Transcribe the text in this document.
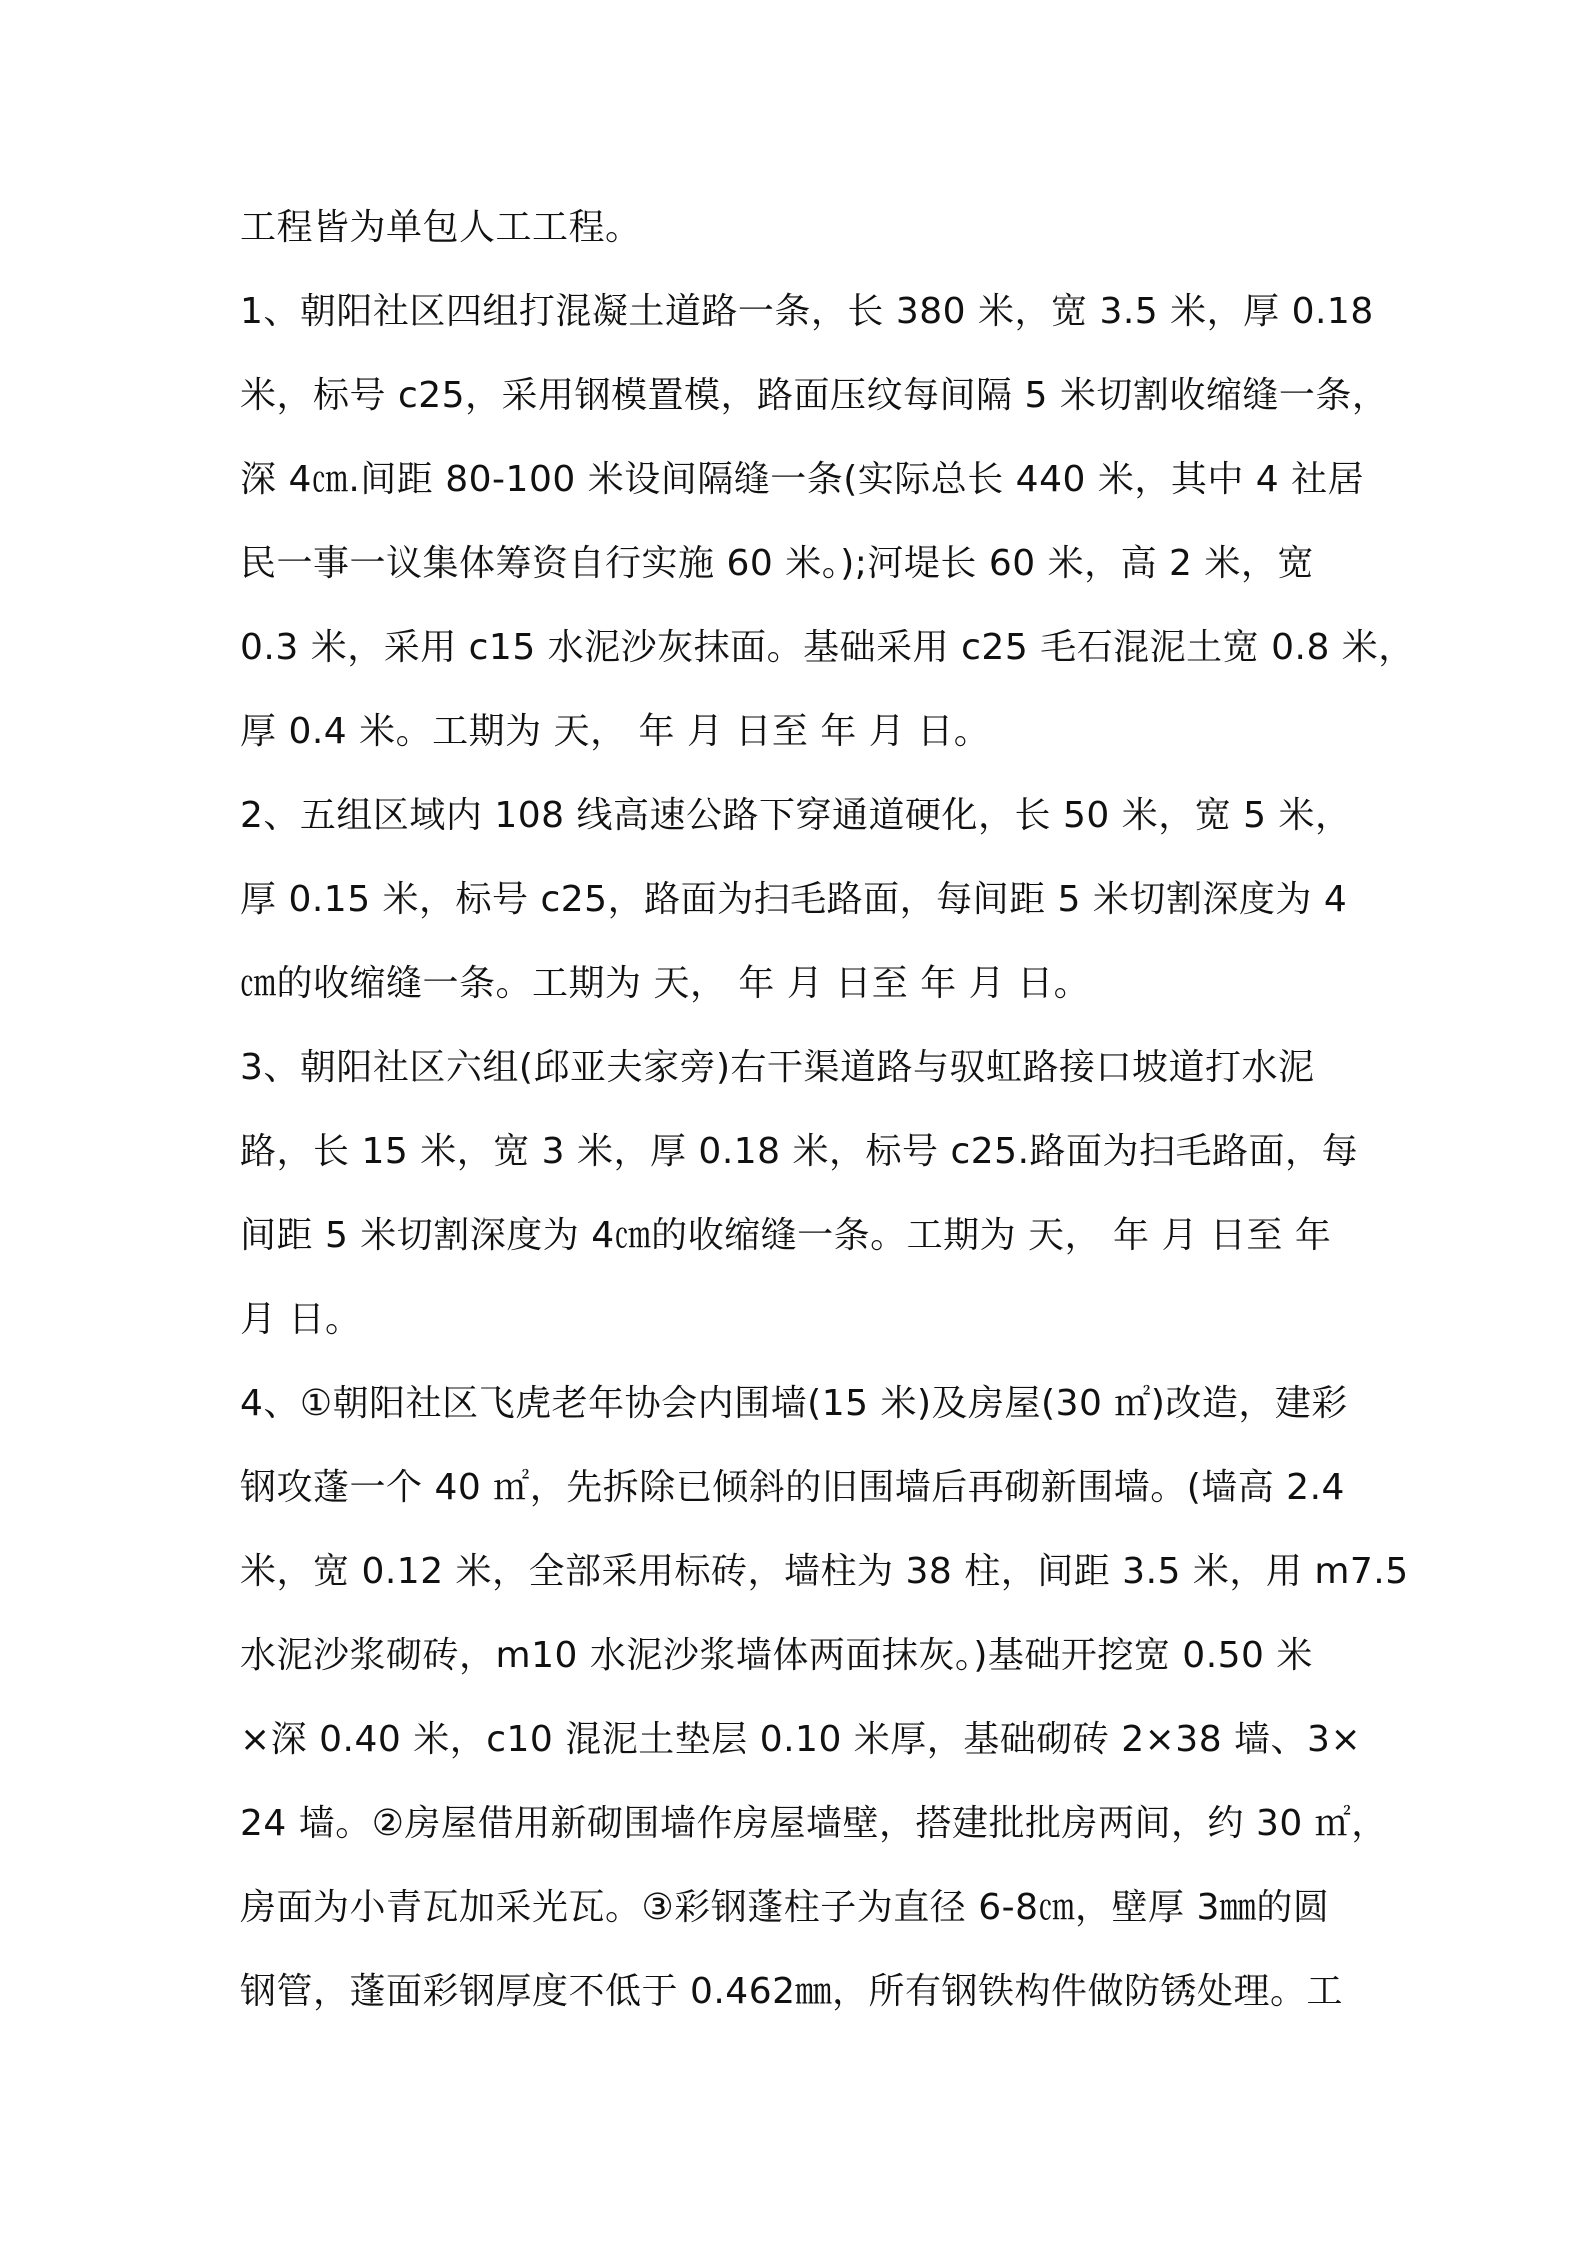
工程皆为单包人工工程。
1、朝阳社区四组打混凝土道路一条，长 380 米，宽 3.5 米，厚 0.18
米，标号 c25，采用钢模置模，路面压纹每间隔 5 米切割收缩缝一条，
深 4㎝.间距 80-100 米设间隔缝一条(实际总长 440 米，其中 4 社居
民一事一议集体筹资自行实施 60 米。);河堤长 60 米，高 2 米，宽
0.3 米，采用 c15 水泥沙灰抹面。基础采用 c25 毛石混泥土宽 0.8 米，
厚 0.4 米。工期为 天， 年 月 日至 年 月 日。
2、五组区域内 108 线高速公路下穿通道硬化，长 50 米，宽 5 米，
厚 0.15 米，标号 c25，路面为扫毛路面，每间距 5 米切割深度为 4
㎝的收缩缝一条。工期为 天， 年 月 日至 年 月 日。
3、朝阳社区六组(邱亚夫家旁)右干渠道路与驭虹路接口坡道打水泥
路，长 15 米，宽 3 米，厚 0.18 米，标号 c25.路面为扫毛路面，每
间距 5 米切割深度为 4㎝的收缩缝一条。工期为 天， 年 月 日至 年
月 日。
4、①朝阳社区飞虎老年协会内围墙(15 米)及房屋(30 ㎡)改造，建彩
钢攻蓬一个 40 ㎡，先拆除已倾斜的旧围墙后再砌新围墙。(墙高 2.4
米，宽 0.12 米，全部采用标砖，墙柱为 38 柱，间距 3.5 米，用 m7.5
水泥沙浆砌砖，m10 水泥沙浆墙体两面抹灰。)基础开挖宽 0.50 米
×深 0.40 米，c10 混泥土垫层 0.10 米厚，基础砌砖 2×38 墙、3×
24 墙。②房屋借用新砌围墙作房屋墙壁，搭建批批房两间，约 30 ㎡，
房面为小青瓦加采光瓦。③彩钢蓬柱子为直径 6-8㎝，壁厚 3㎜的圆
钢管，蓬面彩钢厚度不低于 0.462㎜，所有钢铁构件做防锈处理。工
